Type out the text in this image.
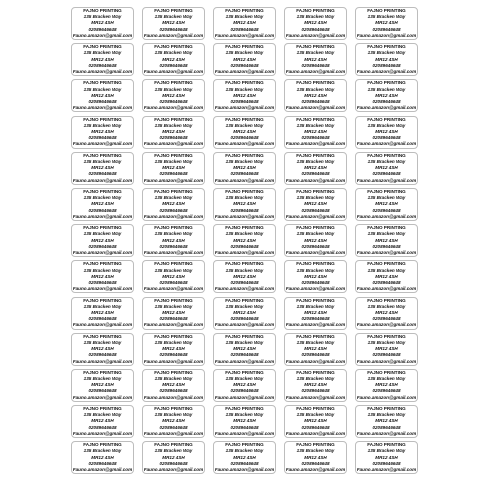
FAJNO PRINTING
135 Bracken Way
MR12 4SH
02089646648
Fauno.amazon@gmail.com
FAJNO PRINTING
135 Bracken Way
MR12 4SH
02089646648
Fauno.amazon@gmail.com
FAJNO PRINTING
135 Bracken Way
MR12 4SH
02089646648
Fauno.amazon@gmail.com
FAJNO PRINTING
135 Bracken Way
MR12 4SH
02089646648
Fauno.amazon@gmail.com
FAJNO PRINTING
135 Bracken Way
MR12 4SH
02089646648
Fauno.amazon@gmail.com
FAJNO PRINTING
135 Bracken Way
MR12 4SH
02089646648
Fauno.amazon@gmail.com
FAJNO PRINTING
135 Bracken Way
MR12 4SH
02089646648
Fauno.amazon@gmail.com
FAJNO PRINTING
135 Bracken Way
MR12 4SH
02089646648
Fauno.amazon@gmail.com
FAJNO PRINTING
135 Bracken Way
MR12 4SH
02089646648
Fauno.amazon@gmail.com
FAJNO PRINTING
135 Bracken Way
MR12 4SH
02089646648
Fauno.amazon@gmail.com
FAJNO PRINTING
135 Bracken Way
MR12 4SH
02089646648
Fauno.amazon@gmail.com
FAJNO PRINTING
135 Bracken Way
MR12 4SH
02089646648
Fauno.amazon@gmail.com
FAJNO PRINTING
135 Bracken Way
MR12 4SH
02089646648
Fauno.amazon@gmail.com
FAJNO PRINTING
135 Bracken Way
MR12 4SH
02089646648
Fauno.amazon@gmail.com
FAJNO PRINTING
135 Bracken Way
MR12 4SH
02089646648
Fauno.amazon@gmail.com
FAJNO PRINTING
135 Bracken Way
MR12 4SH
02089646648
Fauno.amazon@gmail.com
FAJNO PRINTING
135 Bracken Way
MR12 4SH
02089646648
Fauno.amazon@gmail.com
FAJNO PRINTING
135 Bracken Way
MR12 4SH
02089646648
Fauno.amazon@gmail.com
FAJNO PRINTING
135 Bracken Way
MR12 4SH
02089646648
Fauno.amazon@gmail.com
FAJNO PRINTING
135 Bracken Way
MR12 4SH
02089646648
Fauno.amazon@gmail.com
FAJNO PRINTING
135 Bracken Way
MR12 4SH
02089646648
Fauno.amazon@gmail.com
FAJNO PRINTING
135 Bracken Way
MR12 4SH
02089646648
Fauno.amazon@gmail.com
FAJNO PRINTING
135 Bracken Way
MR12 4SH
02089646648
Fauno.amazon@gmail.com
FAJNO PRINTING
135 Bracken Way
MR12 4SH
02089646648
Fauno.amazon@gmail.com
FAJNO PRINTING
135 Bracken Way
MR12 4SH
02089646648
Fauno.amazon@gmail.com
FAJNO PRINTING
135 Bracken Way
MR12 4SH
02089646648
Fauno.amazon@gmail.com
FAJNO PRINTING
135 Bracken Way
MR12 4SH
02089646648
Fauno.amazon@gmail.com
FAJNO PRINTING
135 Bracken Way
MR12 4SH
02089646648
Fauno.amazon@gmail.com
FAJNO PRINTING
135 Bracken Way
MR12 4SH
02089646648
Fauno.amazon@gmail.com
FAJNO PRINTING
135 Bracken Way
MR12 4SH
02089646648
Fauno.amazon@gmail.com
FAJNO PRINTING
135 Bracken Way
MR12 4SH
02089646648
Fauno.amazon@gmail.com
FAJNO PRINTING
135 Bracken Way
MR12 4SH
02089646648
Fauno.amazon@gmail.com
FAJNO PRINTING
135 Bracken Way
MR12 4SH
02089646648
Fauno.amazon@gmail.com
FAJNO PRINTING
135 Bracken Way
MR12 4SH
02089646648
Fauno.amazon@gmail.com
FAJNO PRINTING
135 Bracken Way
MR12 4SH
02089646648
Fauno.amazon@gmail.com
FAJNO PRINTING
135 Bracken Way
MR12 4SH
02089646648
Fauno.amazon@gmail.com
FAJNO PRINTING
135 Bracken Way
MR12 4SH
02089646648
Fauno.amazon@gmail.com
FAJNO PRINTING
135 Bracken Way
MR12 4SH
02089646648
Fauno.amazon@gmail.com
FAJNO PRINTING
135 Bracken Way
MR12 4SH
02089646648
Fauno.amazon@gmail.com
FAJNO PRINTING
135 Bracken Way
MR12 4SH
02089646648
Fauno.amazon@gmail.com
FAJNO PRINTING
135 Bracken Way
MR12 4SH
02089646648
Fauno.amazon@gmail.com
FAJNO PRINTING
135 Bracken Way
MR12 4SH
02089646648
Fauno.amazon@gmail.com
FAJNO PRINTING
135 Bracken Way
MR12 4SH
02089646648
Fauno.amazon@gmail.com
FAJNO PRINTING
135 Bracken Way
MR12 4SH
02089646648
Fauno.amazon@gmail.com
FAJNO PRINTING
135 Bracken Way
MR12 4SH
02089646648
Fauno.amazon@gmail.com
FAJNO PRINTING
135 Bracken Way
MR12 4SH
02089646648
Fauno.amazon@gmail.com
FAJNO PRINTING
135 Bracken Way
MR12 4SH
02089646648
Fauno.amazon@gmail.com
FAJNO PRINTING
135 Bracken Way
MR12 4SH
02089646648
Fauno.amazon@gmail.com
FAJNO PRINTING
135 Bracken Way
MR12 4SH
02089646648
Fauno.amazon@gmail.com
FAJNO PRINTING
135 Bracken Way
MR12 4SH
02089646648
Fauno.amazon@gmail.com
FAJNO PRINTING
135 Bracken Way
MR12 4SH
02089646648
Fauno.amazon@gmail.com
FAJNO PRINTING
135 Bracken Way
MR12 4SH
02089646648
Fauno.amazon@gmail.com
FAJNO PRINTING
135 Bracken Way
MR12 4SH
02089646648
Fauno.amazon@gmail.com
FAJNO PRINTING
135 Bracken Way
MR12 4SH
02089646648
Fauno.amazon@gmail.com
FAJNO PRINTING
135 Bracken Way
MR12 4SH
02089646648
Fauno.amazon@gmail.com
FAJNO PRINTING
135 Bracken Way
MR12 4SH
02089646648
Fauno.amazon@gmail.com
FAJNO PRINTING
135 Bracken Way
MR12 4SH
02089646648
Fauno.amazon@gmail.com
FAJNO PRINTING
135 Bracken Way
MR12 4SH
02089646648
Fauno.amazon@gmail.com
FAJNO PRINTING
135 Bracken Way
MR12 4SH
02089646648
Fauno.amazon@gmail.com
FAJNO PRINTING
135 Bracken Way
MR12 4SH
02089646648
Fauno.amazon@gmail.com
FAJNO PRINTING
135 Bracken Way
MR12 4SH
02089646648
Fauno.amazon@gmail.com
FAJNO PRINTING
135 Bracken Way
MR12 4SH
02089646648
Fauno.amazon@gmail.com
FAJNO PRINTING
135 Bracken Way
MR12 4SH
02089646648
Fauno.amazon@gmail.com
FAJNO PRINTING
135 Bracken Way
MR12 4SH
02089646648
Fauno.amazon@gmail.com
FAJNO PRINTING
135 Bracken Way
MR12 4SH
02089646648
Fauno.amazon@gmail.com
